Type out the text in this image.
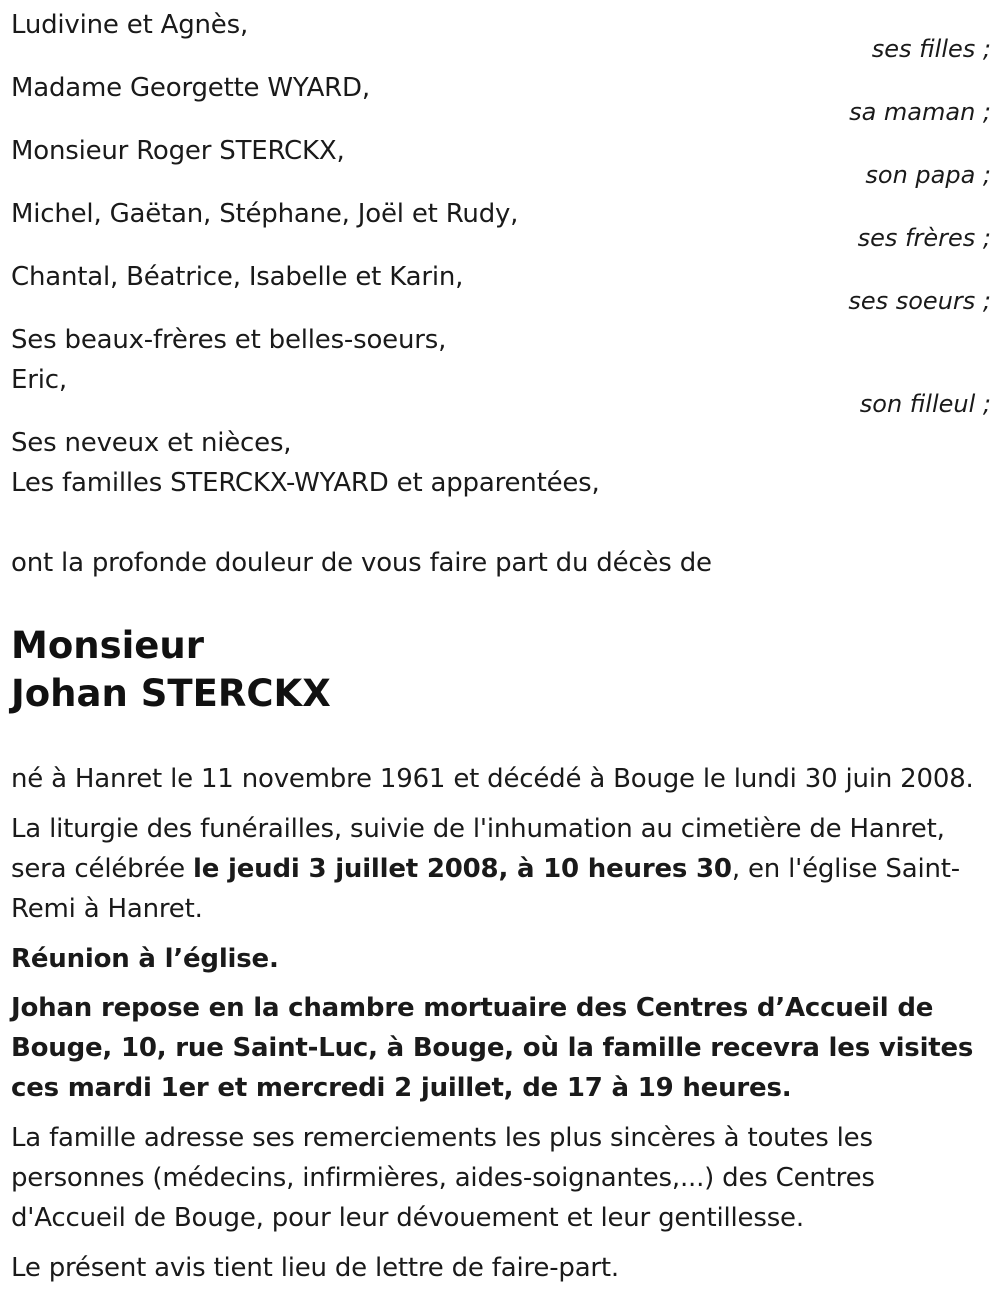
Ludivine et Agnès,
ses filles ;
Madame Georgette WYARD,
sa maman ;
Monsieur Roger STERCKX,
son papa ;
Michel, Gaëtan, Stéphane, Joël et Rudy,
ses frères ;
Chantal, Béatrice, Isabelle et Karin,
ses soeurs ;
Ses beaux-frères et belles-soeurs,
Eric,
son filleul ;
Ses neveux et nièces,
Les familles STERCKX-WYARD et apparentées,
ont la profonde douleur de vous faire part du décès de
Monsieur
Johan STERCKX
né à Hanret le 11 novembre 1961 et décédé à Bouge le lundi 30 juin 2008.
La liturgie des funérailles, suivie de l'inhumation au cimetière de Hanret, sera célébrée le jeudi 3 juillet 2008, à 10 heures 30, en l'église Saint-Remi à Hanret.
Réunion à l’église.
Johan repose en la chambre mortuaire des Centres d’Accueil de Bouge, 10, rue Saint-Luc, à Bouge, où la famille recevra les visites ces mardi 1er et mercredi 2 juillet, de 17 à 19 heures.
La famille adresse ses remerciements les plus sincères à toutes les personnes (médecins, infirmières, aides-soignantes,...) des Centres d'Accueil de Bouge, pour leur dévouement et leur gentillesse.
Le présent avis tient lieu de lettre de faire-part.
